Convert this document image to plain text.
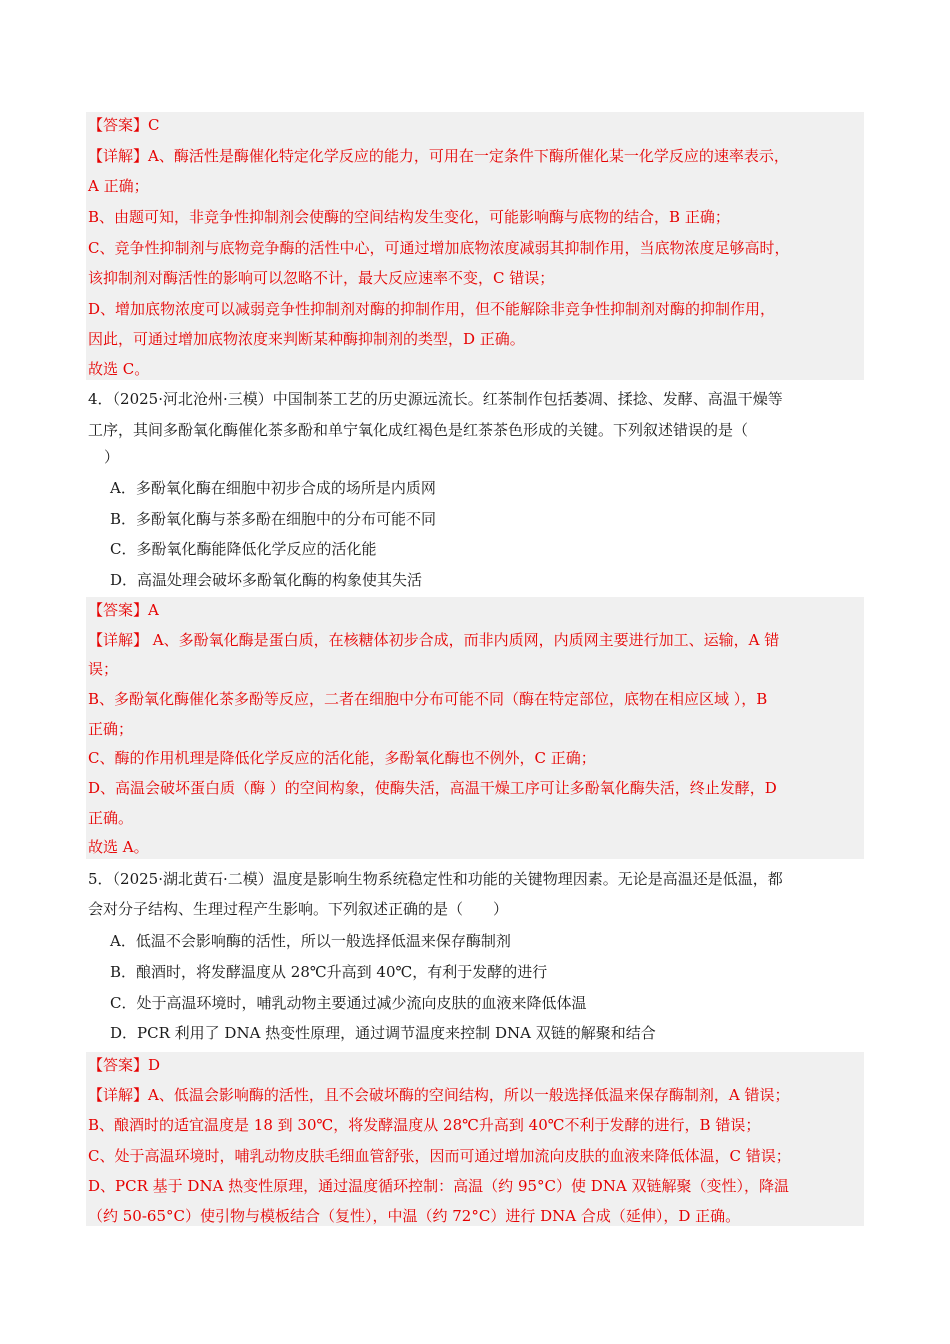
【答案】C
【详解】A、酶活性是酶催化特定化学反应的能力，可用在一定条件下酶所催化某一化学反应的速率表示，
A 正确；
B、由题可知，非竞争性抑制剂会使酶的空间结构发生变化，可能影响酶与底物的结合，B 正确；
C、竞争性抑制剂与底物竞争酶的活性中心，可通过增加底物浓度减弱其抑制作用，当底物浓度足够高时，
该抑制剂对酶活性的影响可以忽略不计，最大反应速率不变，C 错误；
D、增加底物浓度可以减弱竞争性抑制剂对酶的抑制作用，但不能解除非竞争性抑制剂对酶的抑制作用，
因此，可通过增加底物浓度来判断某种酶抑制剂的类型，D 正确。
故选 C。
4．（2025·河北沧州·三模）中国制茶工艺的历史源远流长。红茶制作包括萎凋、揉捻、发酵、高温干燥等
工序，其间多酚氧化酶催化茶多酚和单宁氧化成红褐色是红茶茶色形成的关键。下列叙述错误的是（
）
A．多酚氧化酶在细胞中初步合成的场所是内质网
B．多酚氧化酶与茶多酚在细胞中的分布可能不同
C．多酚氧化酶能降低化学反应的活化能
D．高温处理会破坏多酚氧化酶的构象使其失活
【答案】A
【详解】 A、多酚氧化酶是蛋白质，在核糖体初步合成，而非内质网，内质网主要进行加工、运输，A 错
误；
B、多酚氧化酶催化茶多酚等反应，二者在细胞中分布可能不同（酶在特定部位，底物在相应区域 ），B
正确；
C、酶的作用机理是降低化学反应的活化能，多酚氧化酶也不例外，C 正确；
D、高温会破坏蛋白质（酶 ）的空间构象，使酶失活，高温干燥工序可让多酚氧化酶失活，终止发酵，D
正确。
故选 A。
5．（2025·湖北黄石·二模）温度是影响生物系统稳定性和功能的关键物理因素。无论是高温还是低温，都
会对分子结构、生理过程产生影响。下列叙述正确的是（　　）
A．低温不会影响酶的活性，所以一般选择低温来保存酶制剂
B．酿酒时，将发酵温度从 28℃升高到 40℃，有利于发酵的进行
C．处于高温环境时，哺乳动物主要通过减少流向皮肤的血液来降低体温
D．PCR 利用了 DNA 热变性原理，通过调节温度来控制 DNA 双链的解聚和结合
【答案】D
【详解】A、低温会影响酶的活性，且不会破坏酶的空间结构，所以一般选择低温来保存酶制剂，A 错误；
B、酿酒时的适宜温度是 18 到 30℃，将发酵温度从 28℃升高到 40℃不利于发酵的进行，B 错误；
C、处于高温环境时，哺乳动物皮肤毛细血管舒张，因而可通过增加流向皮肤的血液来降低体温，C 错误；
D、PCR 基于 DNA 热变性原理，通过温度循环控制：高温（约 95°C）使 DNA 双链解聚（变性），降温
（约 50-65°C）使引物与模板结合（复性），中温（约 72°C）进行 DNA 合成（延伸），D 正确。
